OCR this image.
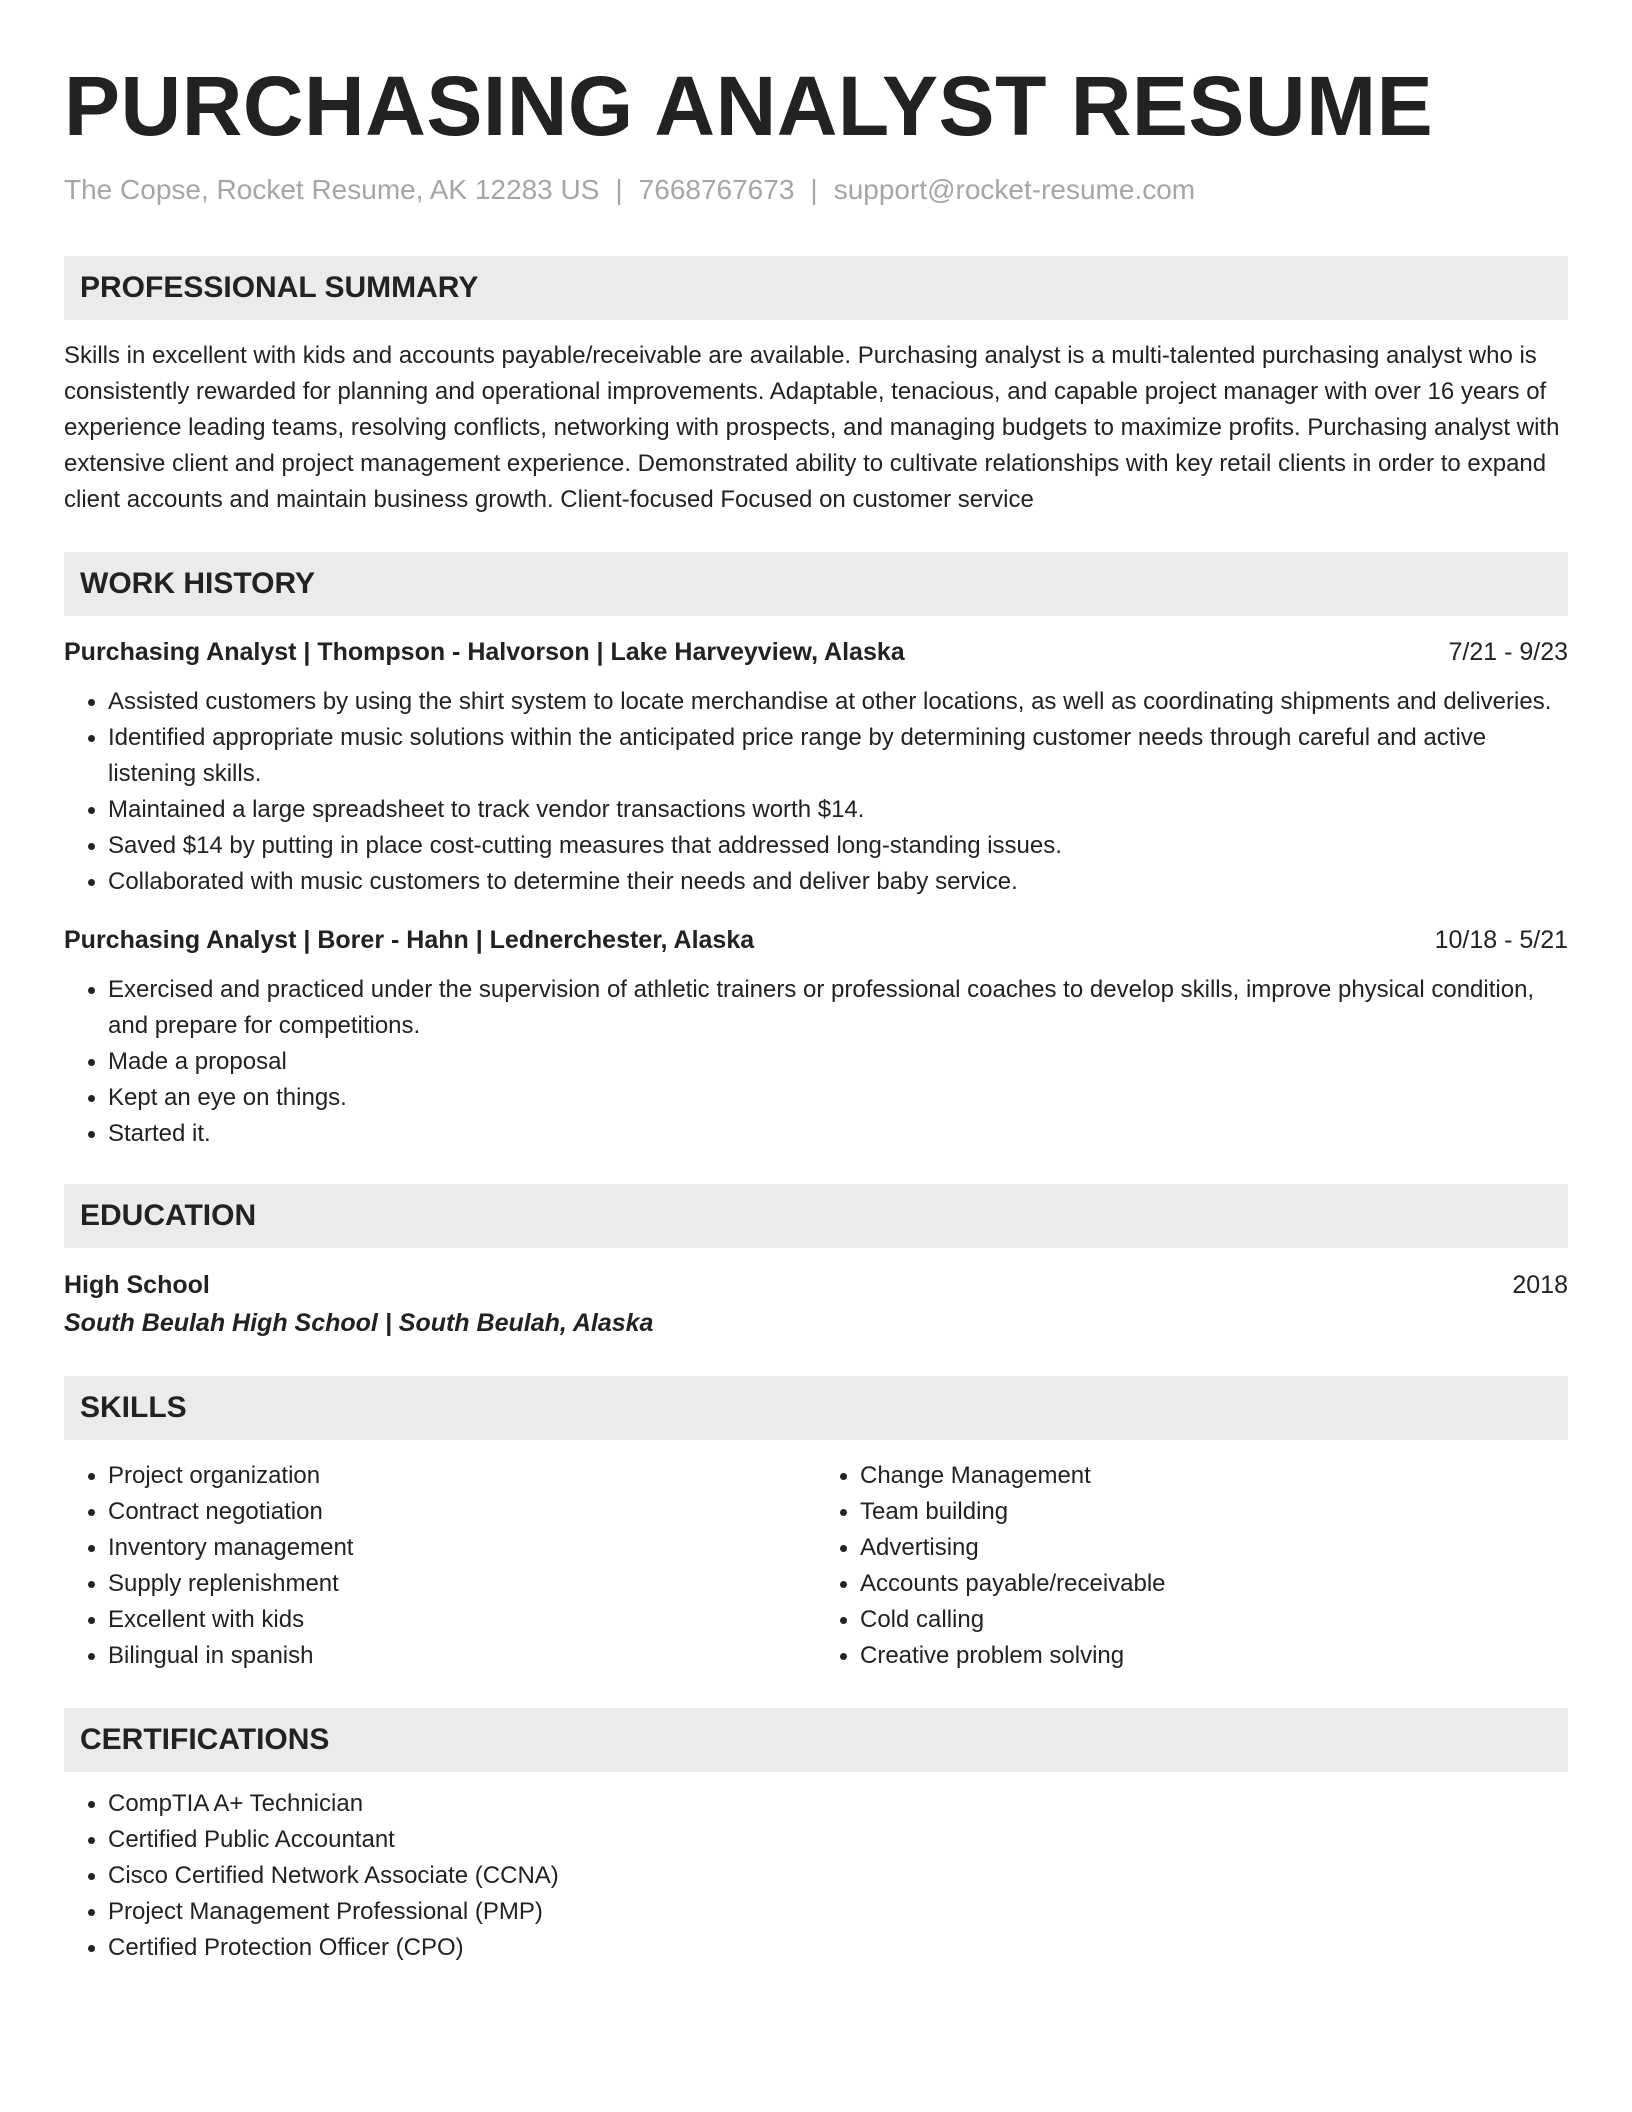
PURCHASING ANALYST RESUME
The Copse, Rocket Resume, AK 12283 US | 7668767673 | support@rocket-resume.com
PROFESSIONAL SUMMARY

Skills in excellent with kids and accounts payable/receivable are available. Purchasing analyst is a multi-talented purchasing analyst who is consistently rewarded for planning and operational improvements. Adaptable, tenacious, and capable project manager with over 16 years of experience leading teams, resolving conflicts, networking with prospects, and managing budgets to maximize profits. Purchasing analyst with extensive client and project management experience. Demonstrated ability to cultivate relationships with key retail clients in order to expand client accounts and maintain business growth. Client-focused Focused on customer service

WORK HISTORY
Purchasing Analyst | Thompson - Halvorson | Lake Harveyview, Alaska	7/21 - 9/23
• Assisted customers by using the shirt system to locate merchandise at other locations, as well as coordinating shipments and deliveries.
• Identified appropriate music solutions within the anticipated price range by determining customer needs through careful and active listening skills.
• Maintained a large spreadsheet to track vendor transactions worth $14.
• Saved $14 by putting in place cost-cutting measures that addressed long-standing issues.
• Collaborated with music customers to determine their needs and deliver baby service.
Purchasing Analyst | Borer - Hahn | Lednerchester, Alaska	10/18 - 5/21
• Exercised and practiced under the supervision of athletic trainers or professional coaches to develop skills, improve physical condition, and prepare for competitions.
• Made a proposal
• Kept an eye on things.
• Started it.
EDUCATION
High School	2018
South Beulah High School | South Beulah, Alaska
SKILLS
• Project organization
• Contract negotiation
• Inventory management
• Supply replenishment
• Excellent with kids
• Bilingual in spanish
• Change Management
• Team building
• Advertising
• Accounts payable/receivable
• Cold calling
• Creative problem solving
CERTIFICATIONS
• CompTIA A+ Technician
• Certified Public Accountant
• Cisco Certified Network Associate (CCNA)
• Project Management Professional (PMP)
• Certified Protection Officer (CPO)
